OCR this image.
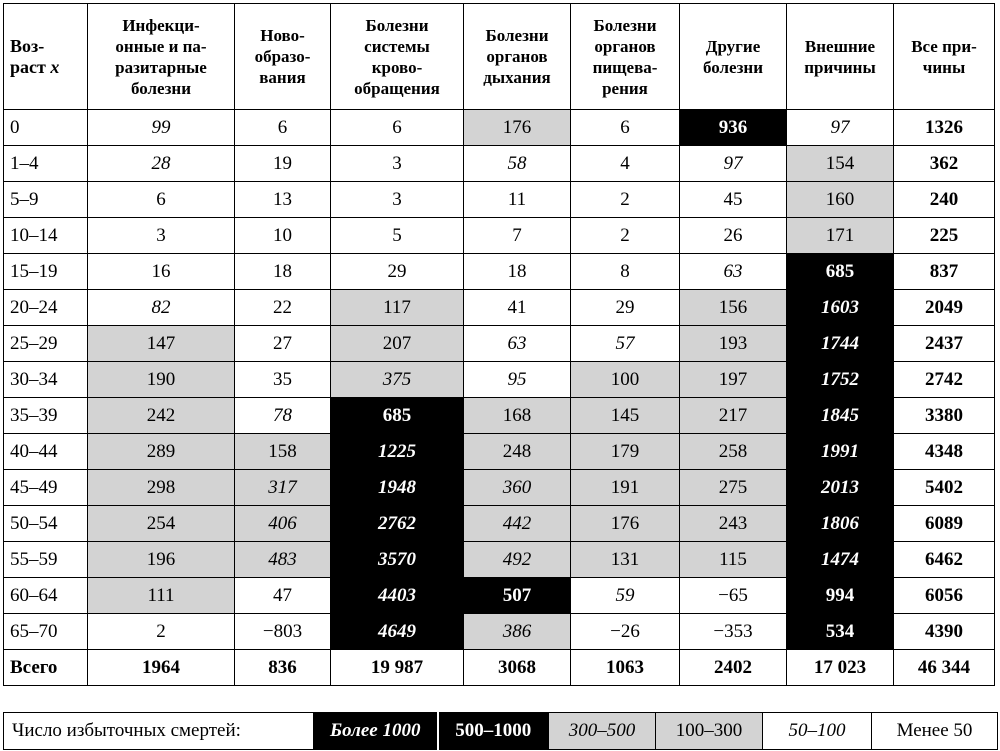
Воз-
раст x	Инфекци-
онные и па-
разитарные
болезни	Ново-
образо-
вания	Болезни
системы
крово-
обращения	Болезни
органов
дыхания	Болезни
органов
пищева-
рения	Другие
болезни	Внешние
причины	Все при-
чины
0	99	6	6	176	6	936	97	1326
1–4	28	19	3	58	4	97	154	362
5–9	6	13	3	11	2	45	160	240
10–14	3	10	5	7	2	26	171	225
15–19	16	18	29	18	8	63	685	837
20–24	82	22	117	41	29	156	1603	2049
25–29	147	27	207	63	57	193	1744	2437
30–34	190	35	375	95	100	197	1752	2742
35–39	242	78	685	168	145	217	1845	3380
40–44	289	158	1225	248	179	258	1991	4348
45–49	298	317	1948	360	191	275	2013	5402
50–54	254	406	2762	442	176	243	1806	6089
55–59	196	483	3570	492	131	115	1474	6462
60–64	111	47	4403	507	59	−65	994	6056
65–70	2	−803	4649	386	−26	−353	534	4390
Всего	1964	836	19 987	3068	1063	2402	17 023	46 344
Число избыточных смертей:	Более 1000	500–1000	300–500	100–300	50–100	Менее 50
